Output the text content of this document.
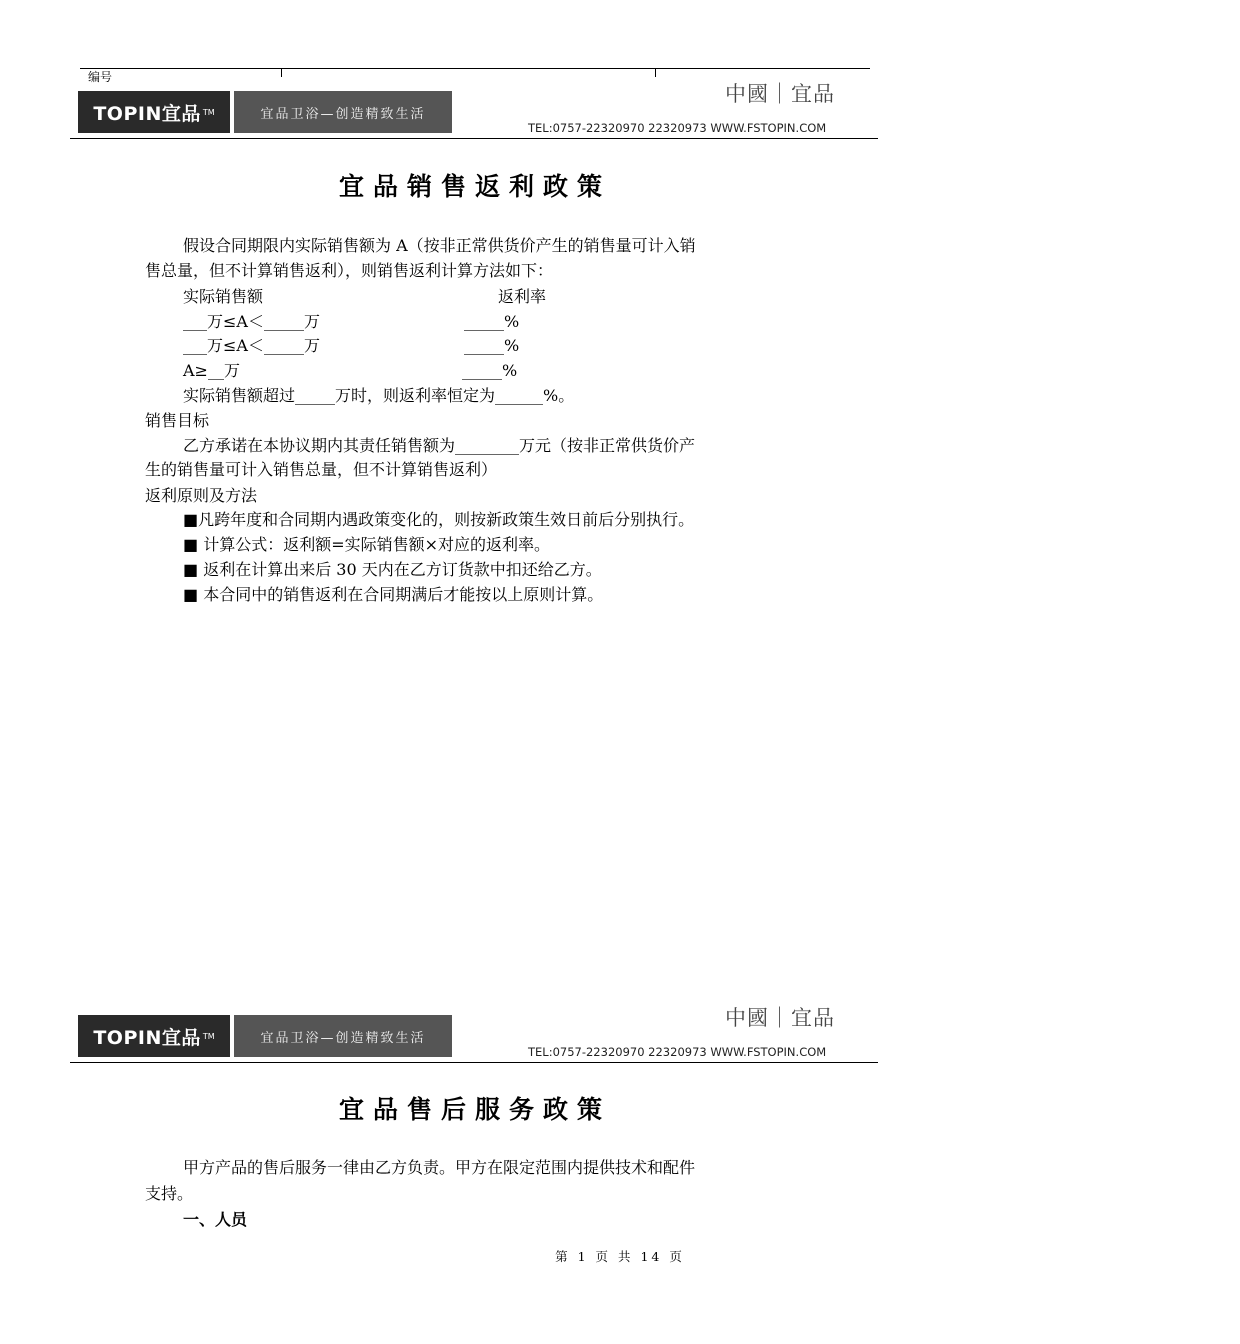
编号
TOPIN宜品 TM	宜品卫浴—创造精致生活
中國｜宜品
TEL:0757-22320970 22320973 WWW.FSTOPIN.COM
宜品销售返利政策
假设合同期限内实际销售额为 A（按非正常供货价产生的销售量可计入销
售总量，但不计算销售返利），则销售返利计算方法如下：
实际销售额	返利率
___万≤A＜_____万	_____%
___万≤A＜_____万	_____%
A≥__万	_____%
实际销售额超过_____万时，则返利率恒定为______%。
销售目标
乙方承诺在本协议期内其责任销售额为________万元（按非正常供货价产
生的销售量可计入销售总量，但不计算销售返利）
返利原则及方法
■凡跨年度和合同期内遇政策变化的，则按新政策生效日前后分别执行。
■ 计算公式：返利额=实际销售额×对应的返利率。
■ 返利在计算出来后 30 天内在乙方订货款中扣还给乙方。
■ 本合同中的销售返利在合同期满后才能按以上原则计算。
TOPIN宜品 TM	宜品卫浴—创造精致生活
中國｜宜品
TEL:0757-22320970 22320973 WWW.FSTOPIN.COM
宜品售后服务政策
甲方产品的售后服务一律由乙方负责。甲方在限定范围内提供技术和配件
支持。
一、人员
第 1 页 共 14 页
